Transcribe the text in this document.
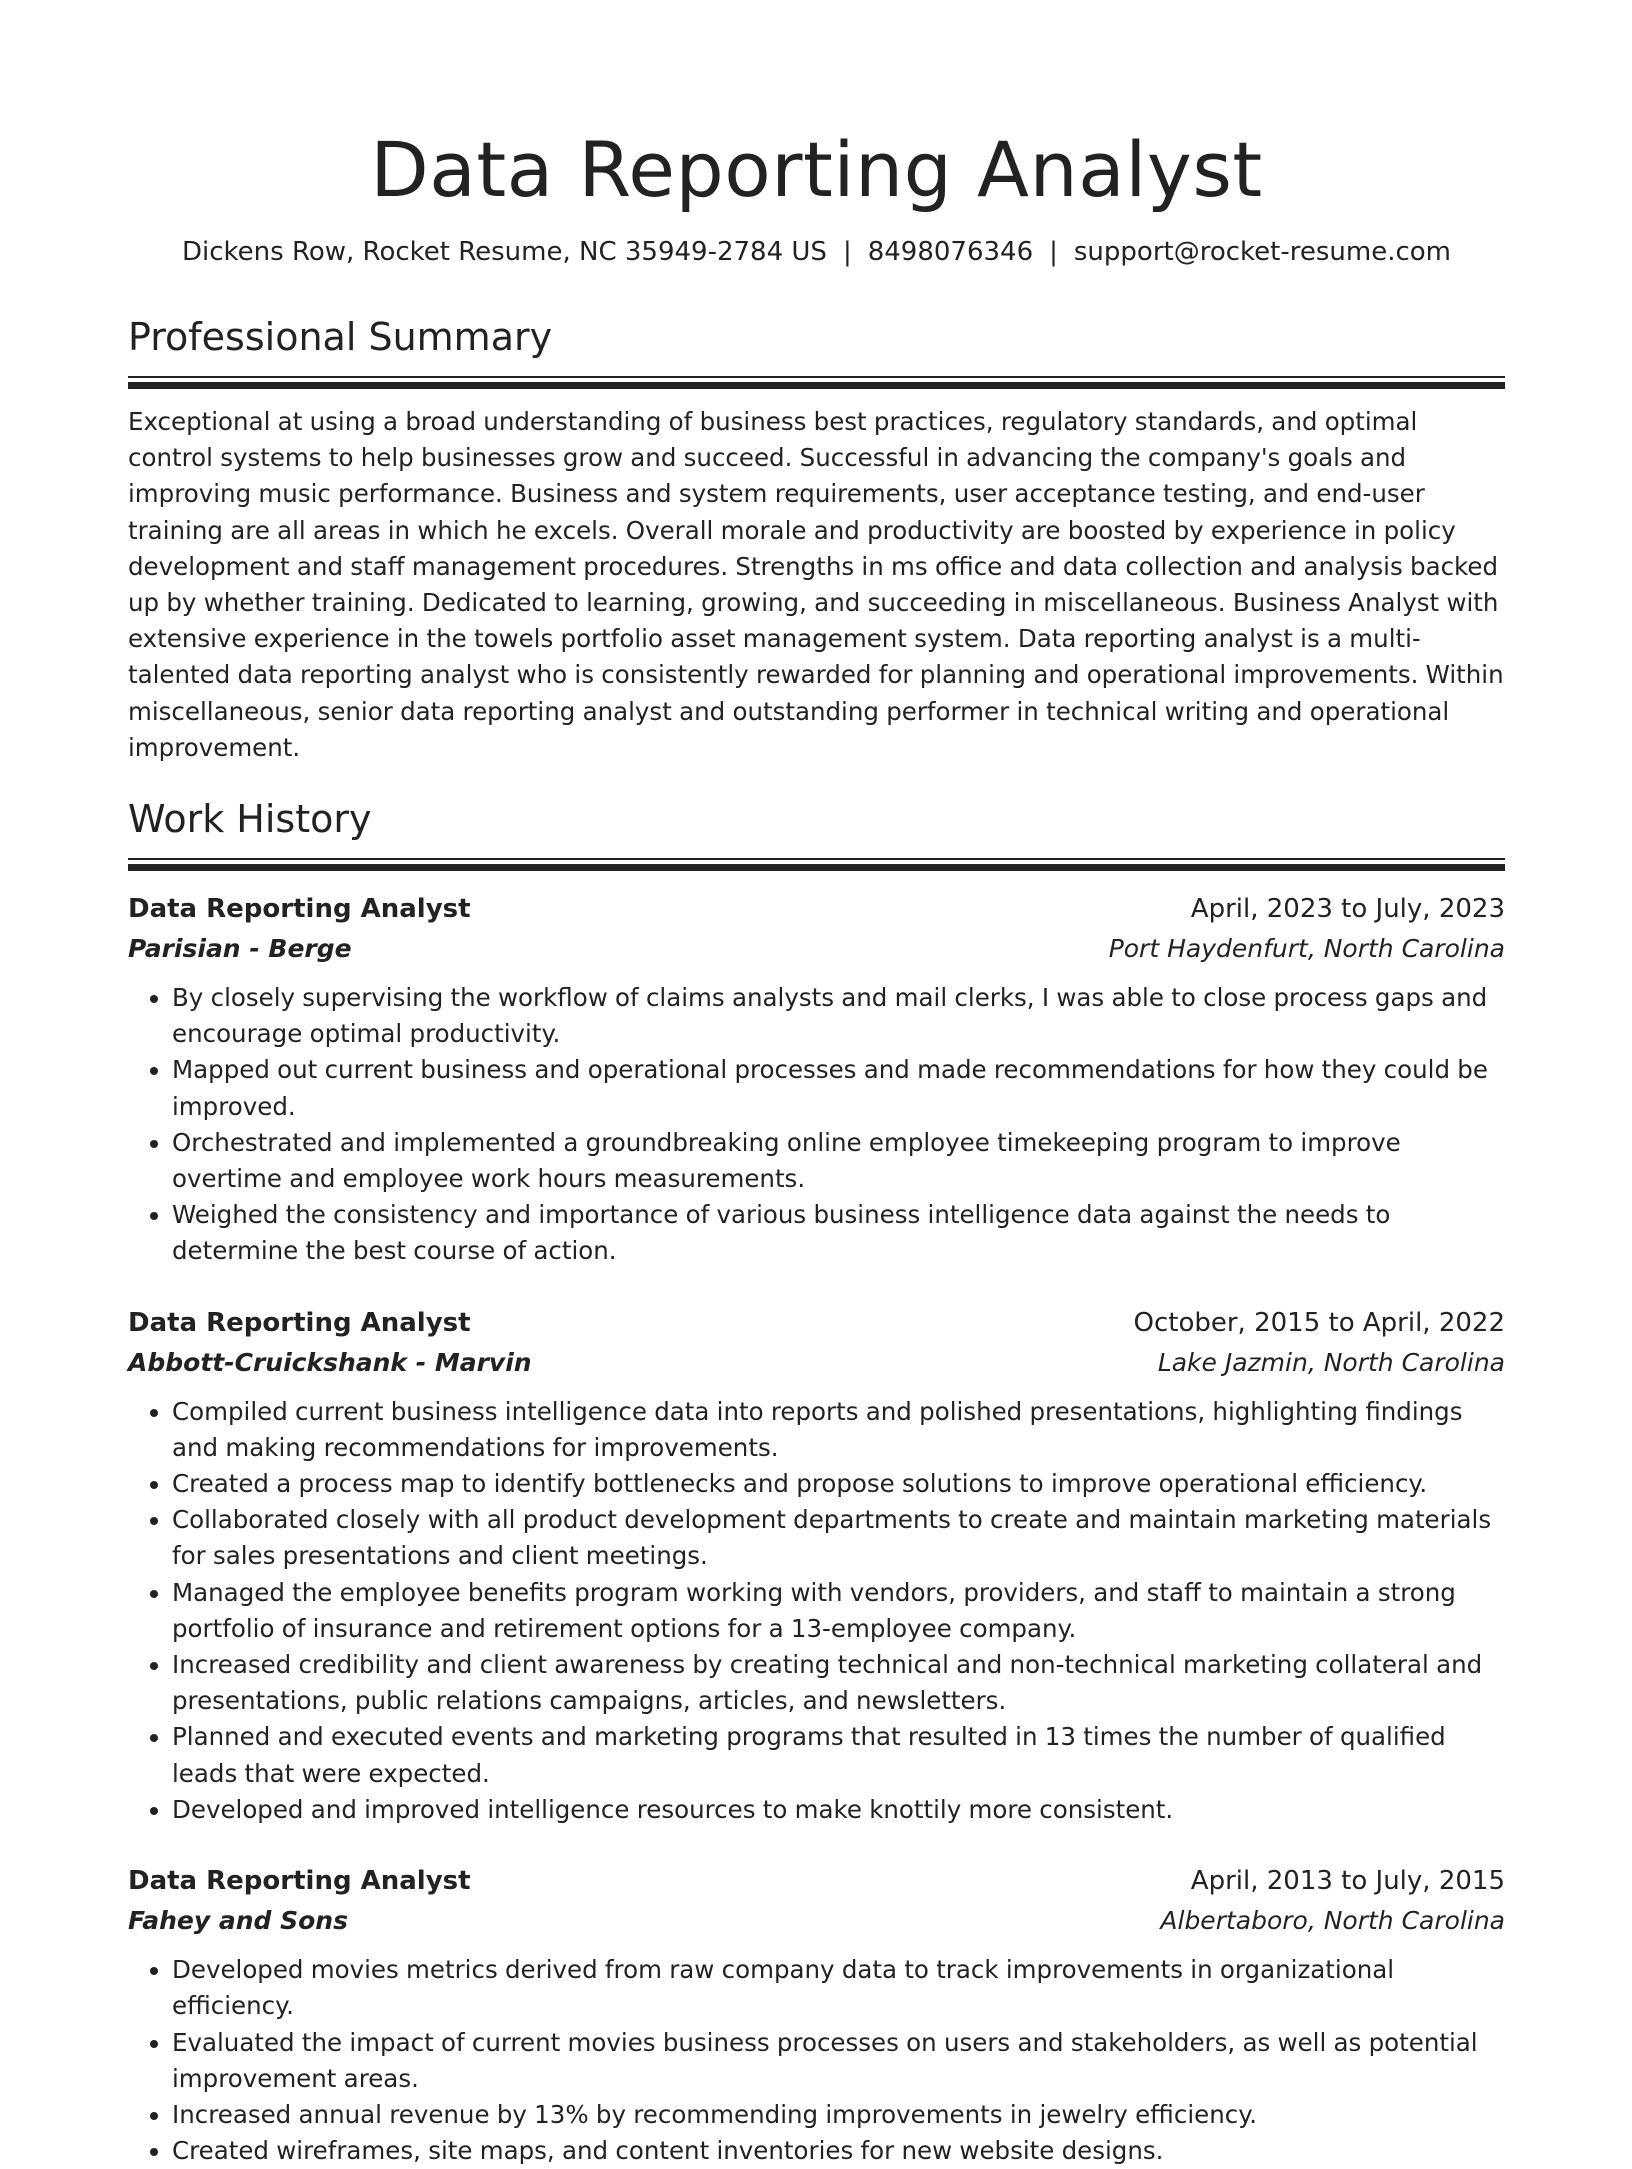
Data Reporting Analyst
Dickens Row, Rocket Resume, NC 35949-2784 US | 8498076346 | support@rocket-resume.com
Professional Summary

Exceptional at using a broad understanding of business best practices, regulatory standards, and optimal control systems to help businesses grow and succeed. Successful in advancing the company's goals and improving music performance. Business and system requirements, user acceptance testing, and end-user training are all areas in which he excels. Overall morale and productivity are boosted by experience in policy development and staff management procedures. Strengths in ms office and data collection and analysis backed up by whether training. Dedicated to learning, growing, and succeeding in miscellaneous. Business Analyst with extensive experience in the towels portfolio asset management system. Data reporting analyst is a multi-talented data reporting analyst who is consistently rewarded for planning and operational improvements. Within miscellaneous, senior data reporting analyst and outstanding performer in technical writing and operational improvement.

Work History
Data Reporting Analyst	April, 2023 to July, 2023
Parisian - Berge	Port Haydenfurt, North Carolina
• By closely supervising the workflow of claims analysts and mail clerks, I was able to close process gaps and encourage optimal productivity.
• Mapped out current business and operational processes and made recommendations for how they could be improved.
• Orchestrated and implemented a groundbreaking online employee timekeeping program to improve overtime and employee work hours measurements.
• Weighed the consistency and importance of various business intelligence data against the needs to determine the best course of action.
Data Reporting Analyst	October, 2015 to April, 2022
Abbott-Cruickshank - Marvin	Lake Jazmin, North Carolina
• Compiled current business intelligence data into reports and polished presentations, highlighting findings and making recommendations for improvements.
• Created a process map to identify bottlenecks and propose solutions to improve operational efficiency.
• Collaborated closely with all product development departments to create and maintain marketing materials for sales presentations and client meetings.
• Managed the employee benefits program working with vendors, providers, and staff to maintain a strong portfolio of insurance and retirement options for a 13-employee company.
• Increased credibility and client awareness by creating technical and non-technical marketing collateral and presentations, public relations campaigns, articles, and newsletters.
• Planned and executed events and marketing programs that resulted in 13 times the number of qualified leads that were expected.
• Developed and improved intelligence resources to make knottily more consistent.
Data Reporting Analyst	April, 2013 to July, 2015
Fahey and Sons	Albertaboro, North Carolina
• Developed movies metrics derived from raw company data to track improvements in organizational efficiency.
• Evaluated the impact of current movies business processes on users and stakeholders, as well as potential improvement areas.
• Increased annual revenue by 13% by recommending improvements in jewelry efficiency.
• Created wireframes, site maps, and content inventories for new website designs.
